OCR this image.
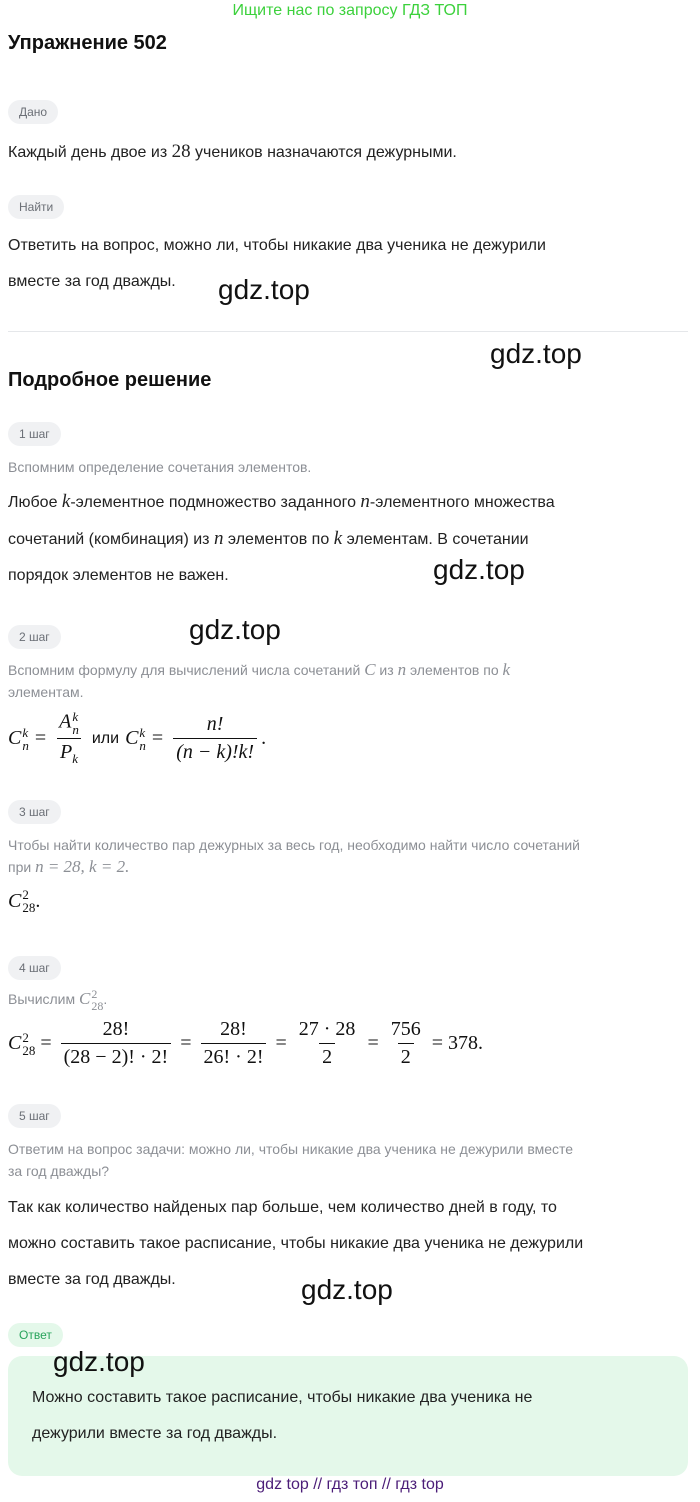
Ищите нас по запросу ГДЗ ТОП
Упражнение 502
Дано
Каждый день двое из 28 учеников назначаются дежурными.
Найти
Ответить на вопрос, можно ли, чтобы никакие два ученика не дежурили
вместе за год дважды.	gdz.top
gdz.top
Подробное решение
1 шаг
Вспомним определение сочетания элементов.
Любое k-элементное подмножество заданного n-элементного множества
сочетаний (комбинация) из n элементов по k элементам. В сочетании
порядок элементов не важен.	gdz.top
2 шаг	gdz.top
Вспомним формулу для вычислений числа сочетаний C из n элементов по k
элементам.
C k
n = A k
n
$P_k$ или C k
$n = \frac{n!}{(n - k)!k!}$ .
3 шаг
Чтобы найти количество пар дежурных за весь год, необходимо найти число сочетаний
при n = 28, k = 2.
C 2
28 .
4 шаг
Вычислим C 2
28 .
C 2
$28 = \frac{28!}{(28 - 2)! \cdot 2!} = \frac{28!}{26! \cdot 2!} = \frac{27 \cdot 28}{2} = \frac{756}{2} = 378$.
5 шаг
Ответим на вопрос задачи: можно ли, чтобы никакие два ученика не дежурили вместе
за год дважды?
Так как количество найденых пар больше, чем количество дней в году, то
можно составить такое расписание, чтобы никакие два ученика не дежурили
вместе за год дважды.	gdz.top
Ответ
gdz.top
Можно составить такое расписание, чтобы никакие два ученика не
дежурили вместе за год дважды.
gdz top // гдз топ // гдз top
